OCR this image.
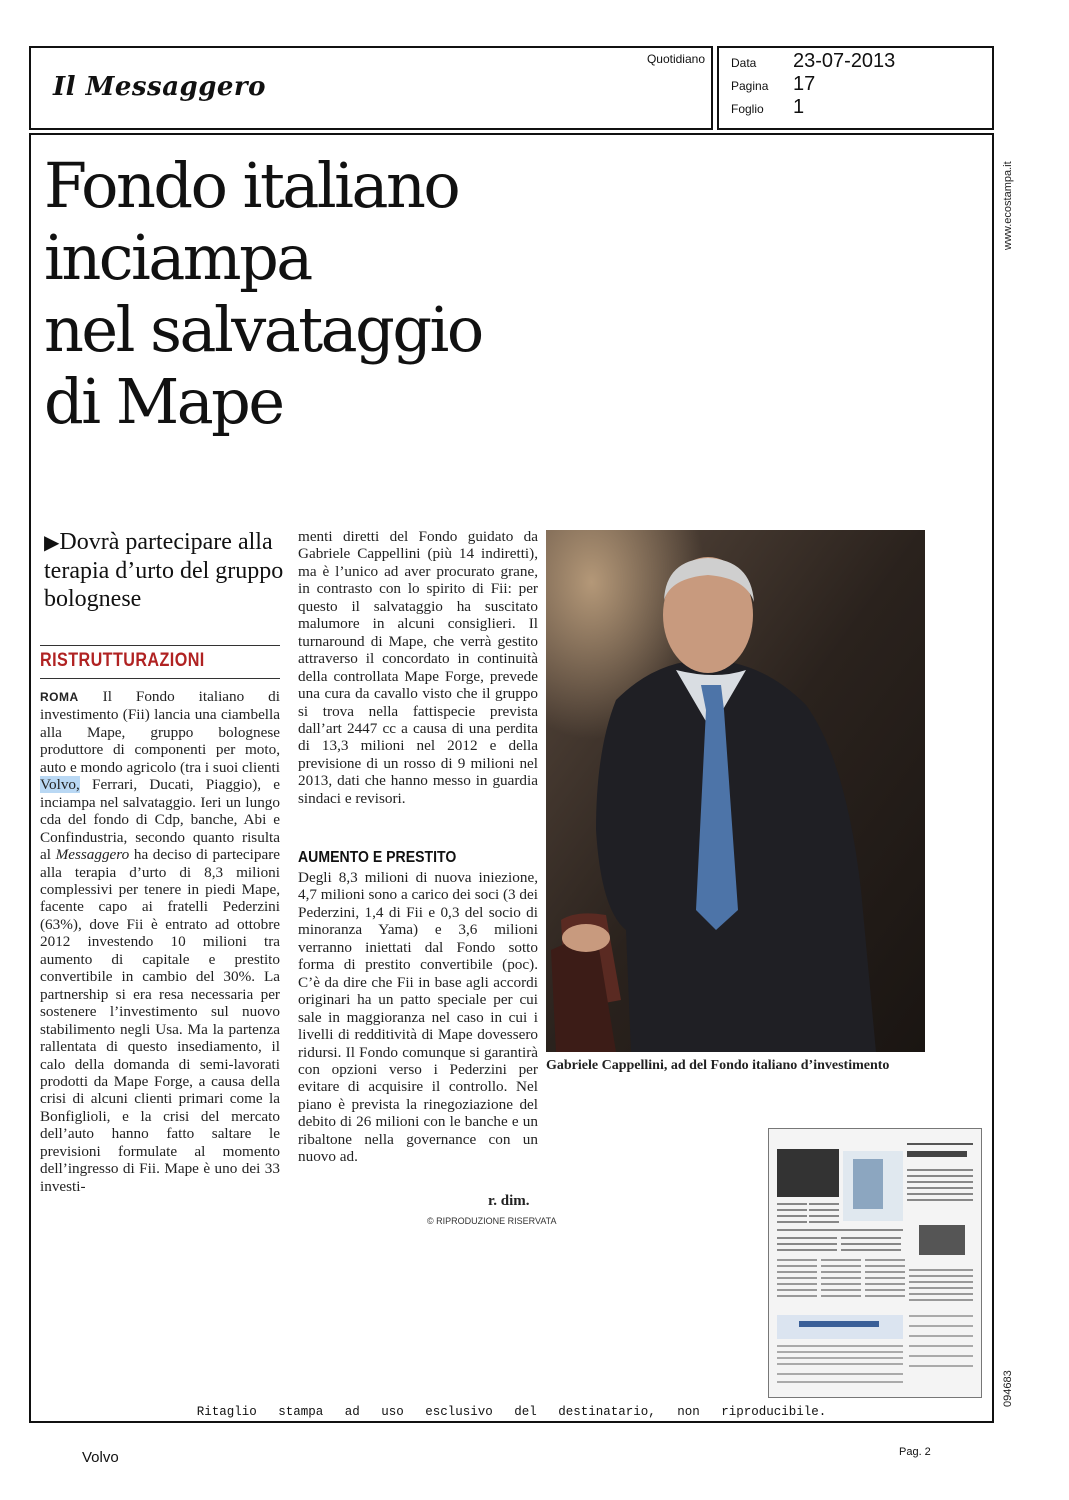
Il Messaggero
Quotidiano Data 23-07-2013
Pagina 17
Foglio 1
Fondo italiano
inciampa
nel salvataggio
di Mape
▶Dovrà partecipare alla terapia d’urto del gruppo bolognese
RISTRUTTURAZIONI

ROMA Il Fondo italiano di investimento (Fii) lancia una ciambella alla Mape, gruppo bolognese produttore di componenti per moto, auto e mondo agricolo (tra i suoi clienti Volvo, Ferrari, Ducati, Piaggio), e inciampa nel salvataggio. Ieri un lungo cda del fondo di Cdp, banche, Abi e Confindustria, secondo quanto risulta al Messaggero ha deciso di partecipare alla terapia d’urto di 8,3 milioni complessivi per tenere in piedi Mape, facente capo ai fratelli Pederzini (63%), dove Fii è entrato ad ottobre 2012 investendo 10 milioni tra aumento di capitale e prestito convertibile in cambio del 30%. La partnership si era resa necessaria per sostenere l’investimento sul nuovo stabilimento negli Usa. Ma la partenza rallentata di questo insediamento, il calo della domanda di semi-lavorati prodotti da Mape Forge, a causa della crisi di alcuni clienti primari come la Bonfiglioli, e la crisi del mercato dell’auto hanno fatto saltare le previsioni formulate al momento dell’ingresso di Fii. Mape è uno dei 33 investi-

menti diretti del Fondo guidato da Gabriele Cappellini (più 14 indiretti), ma è l’unico ad aver procurato grane, in contrasto con lo spirito di Fii: per questo il salvataggio ha suscitato malumore in alcuni consiglieri. Il turnaround di Mape, che verrà gestito attraverso il concordato in continuità della controllata Mape Forge, prevede una cura da cavallo visto che il gruppo si trova nella fattispecie prevista dall’art 2447 cc a causa di una perdita di 13,3 milioni nel 2012 e della previsione di un rosso di 9 milioni nel 2013, dati che hanno messo in guardia sindaci e revisori.

AUMENTO E PRESTITO

Degli 8,3 milioni di nuova iniezione, 4,7 milioni sono a carico dei soci (3 dei Pederzini, 1,4 di Fii e 0,3 del socio di minoranza Yama) e 3,6 milioni verranno iniettati dal Fondo sotto forma di prestito convertibile (poc). C’è da dire che Fii in base agli accordi originari ha un patto speciale per cui sale in maggioranza nel caso in cui i livelli di redditività di Mape dovessero ridursi. Il Fondo comunque si garantirà con opzioni verso i Pederzini per evitare di acquisire il controllo. Nel piano è prevista la rinegoziazione del debito di 26 milioni con le banche e un ribaltone nella governance con un nuovo ad.

r. dim.
© RIPRODUZIONE RISERVATA
Gabriele Cappellini, ad del Fondo italiano d’investimento
www.ecostampa.it
094683
Ritaglio stampa ad uso esclusivo del destinatario, non riproducibile.
Volvo	Pag. 2
